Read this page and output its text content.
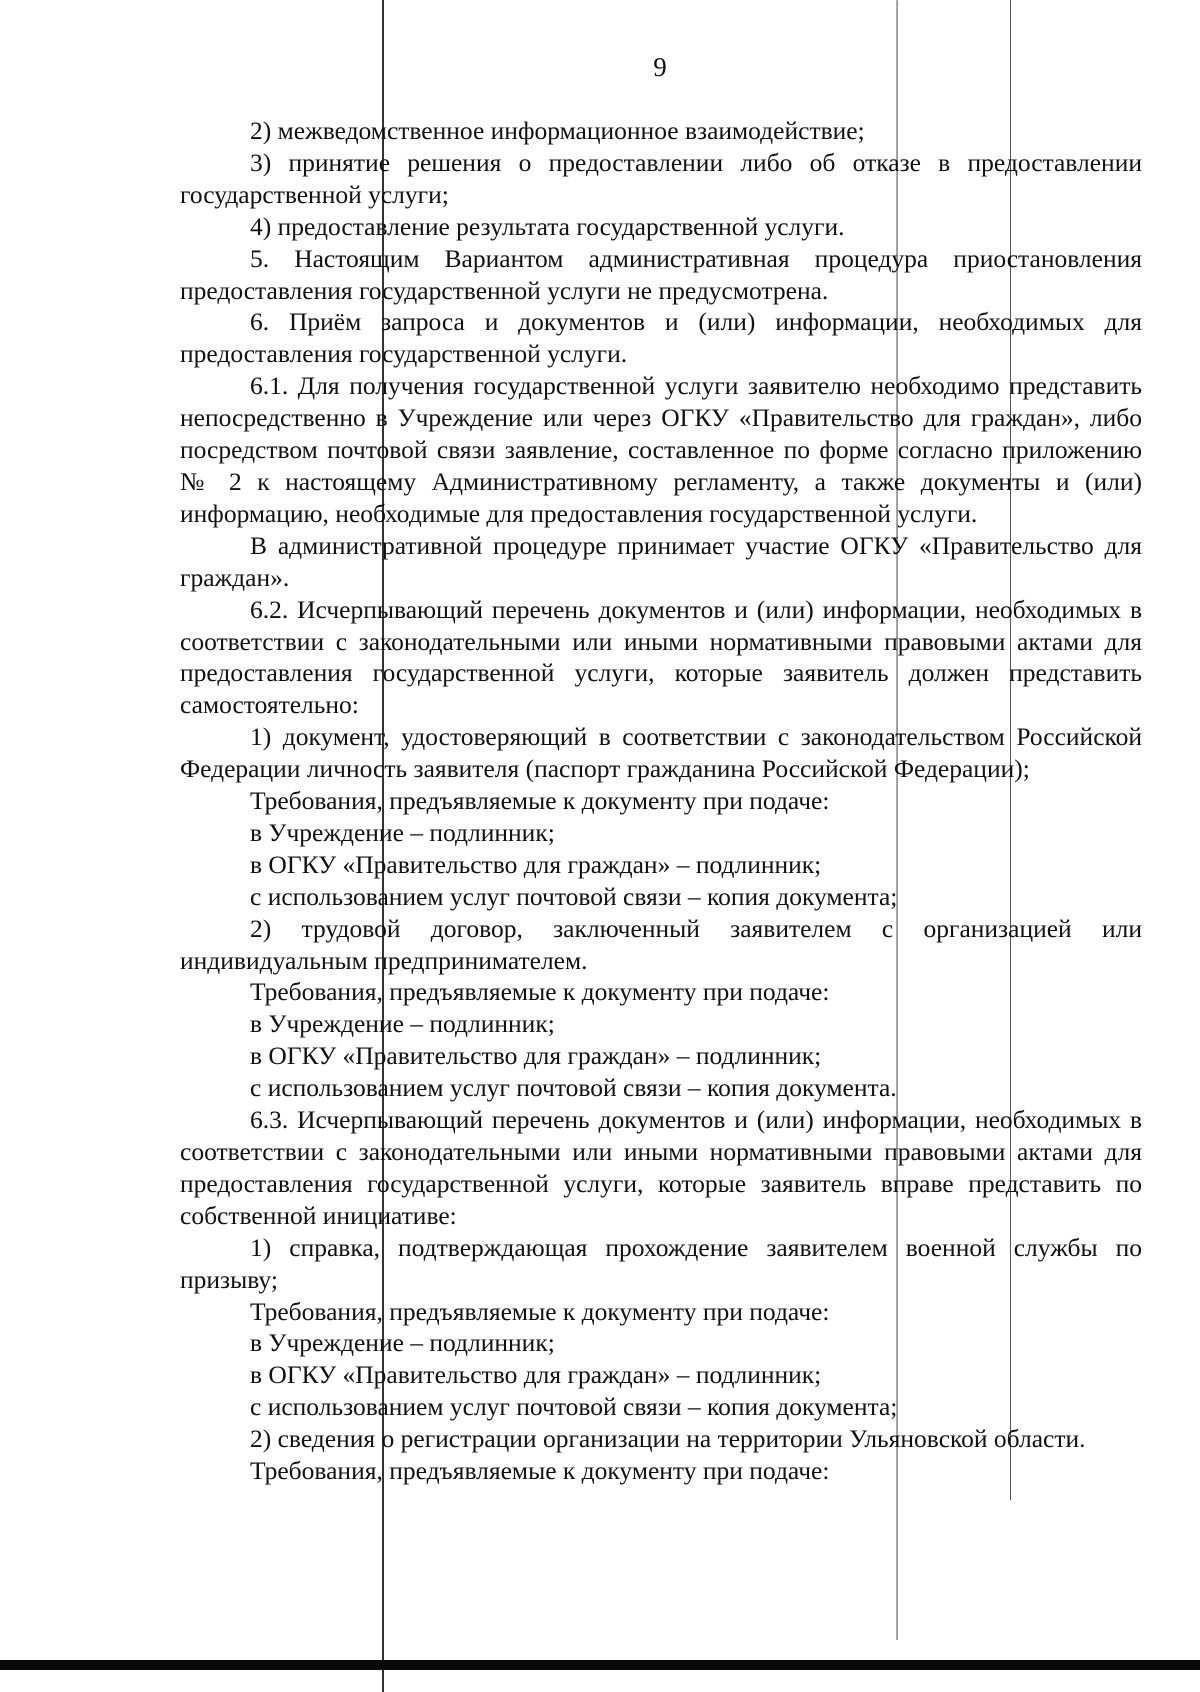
9

2) межведомственное информационное взаимодействие;

3) принятие решения о предоставлении либо об отказе в предоставлении государственной услуги;

4) предоставление результата государственной услуги.

5. Настоящим Вариантом административная процедура приостановления предоставления государственной услуги не предусмотрена.

6. Приём запроса и документов и (или) информации, необходимых для предоставления государственной услуги.

6.1. Для получения государственной услуги заявителю необходимо представить непосредственно в Учреждение или через ОГКУ «Правительство для граждан», либо посредством почтовой связи заявление, составленное по форме согласно приложению № 2 к настоящему Административному регламенту, а также документы и (или) информацию, необходимые для предоставления государственной услуги.

В административной процедуре принимает участие ОГКУ «Правительство для граждан».

6.2. Исчерпывающий перечень документов и (или) информации, необходимых в соответствии с законодательными или иными нормативными правовыми актами для предоставления государственной услуги, которые заявитель должен представить самостоятельно:

1) документ, удостоверяющий в соответствии с законодательством Российской Федерации личность заявителя (паспорт гражданина Российской Федерации);

Требования, предъявляемые к документу при подаче:

в Учреждение – подлинник;

в ОГКУ «Правительство для граждан» – подлинник;

с использованием услуг почтовой связи – копия документа;

2) трудовой договор, заключенный заявителем с организацией или индивидуальным предпринимателем.

Требования, предъявляемые к документу при подаче:

в Учреждение – подлинник;

в ОГКУ «Правительство для граждан» – подлинник;

с использованием услуг почтовой связи – копия документа.

6.3. Исчерпывающий перечень документов и (или) информации, необходимых в соответствии с законодательными или иными нормативными правовыми актами для предоставления государственной услуги, которые заявитель вправе представить по собственной инициативе:

1) справка, подтверждающая прохождение заявителем военной службы по призыву;

Требования, предъявляемые к документу при подаче:

в Учреждение – подлинник;

в ОГКУ «Правительство для граждан» – подлинник;

с использованием услуг почтовой связи – копия документа;

2) сведения о регистрации организации на территории Ульяновской области.

Требования, предъявляемые к документу при подаче:
